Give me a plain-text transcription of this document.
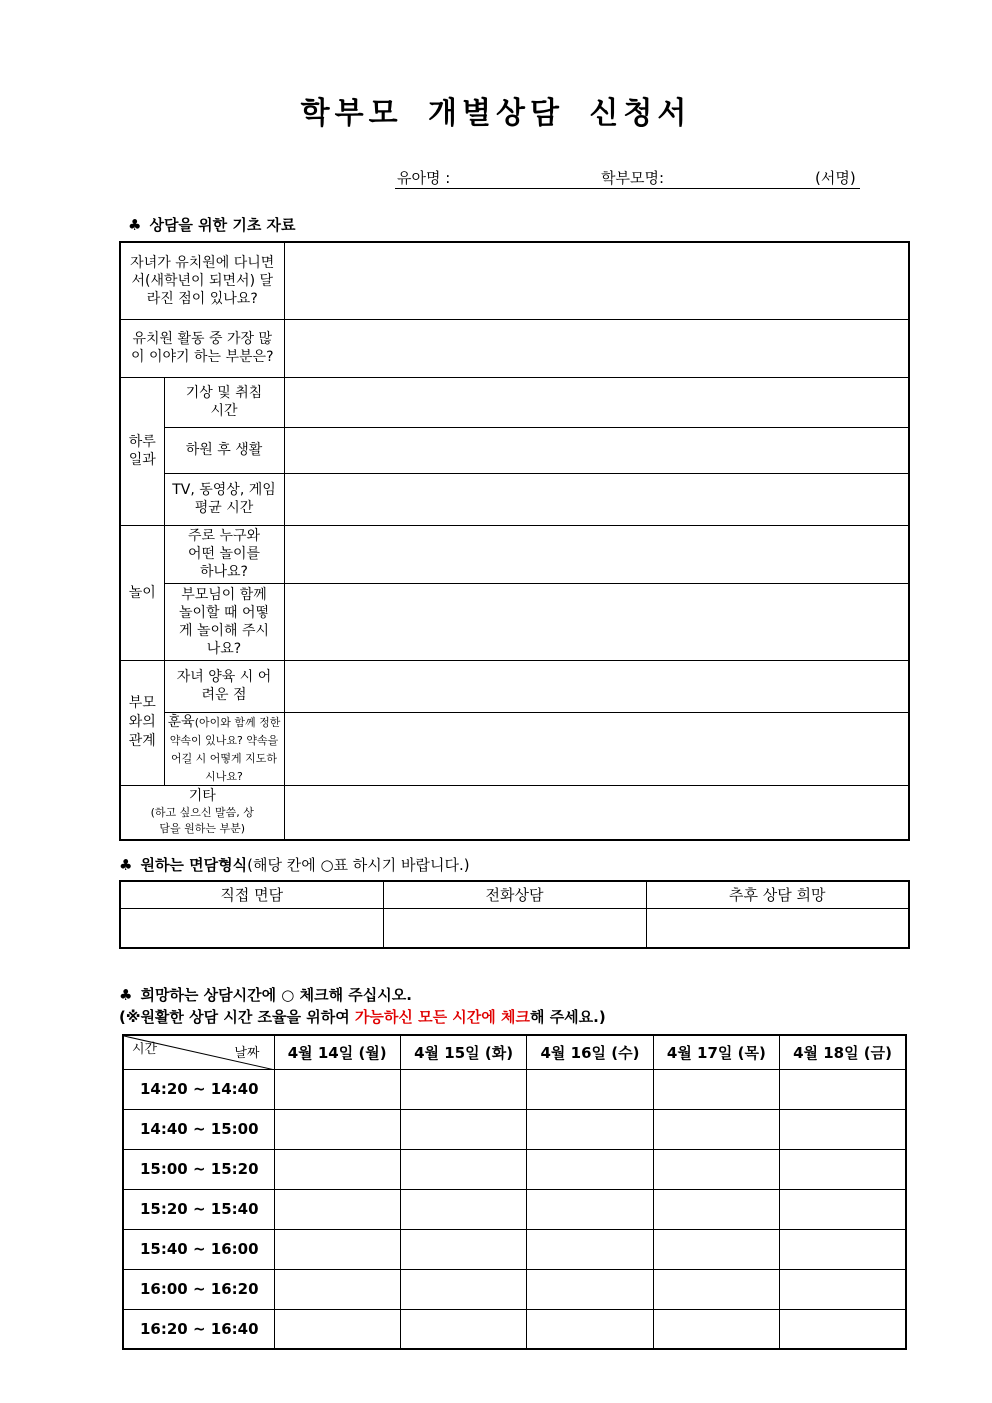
학부모 개별상담 신청서
유아명 :	학부모명:	(서명)
♣ 상담을 위한 기초 자료
자녀가 유치원에 다니면서(새학년이 되면서) 달라진 점이 있나요?		

유치원 활동 중 가장 많이 이야기 하는 부분은?		

하루 일과	기상 및 취침 시간	

	하원 후 생활	

	TV, 동영상, 게임 평균 시간	

놀이	주로 누구와 어떤 놀이를 하나요?	

	부모님이 함께 놀이할 때 어떻게 놀이해 주시나요?	

부모와의 관계	자녀 양육 시 어려운 점	

	훈육(아이와 함께 정한 약속이 있나요? 약속을 어길 시 어떻게 지도하시나요?	

기타
(하고 싶으신 말씀, 상담을 원하는 부분)		

♣ 원하는 면담형식(해당 칸에 ○표 하시기 바랍니다.)
직접 면담	전화상담	추후 상담 희망

♣ 희망하는 상담시간에 ○ 체크해 주십시오.
(※원활한 상담 시간 조율을 위하여 가능하신 모든 시간에 체크해 주세요.)
시간 날짜	4월 14일 (월)	4월 15일 (화)	4월 16일 (수)	4월 17일 (목)	4월 18일 (금)
14:20 ~ 14:40					
14:40 ~ 15:00					
15:00 ~ 15:20					
15:20 ~ 15:40					
15:40 ~ 16:00					
16:00 ~ 16:20					
16:20 ~ 16:40					
